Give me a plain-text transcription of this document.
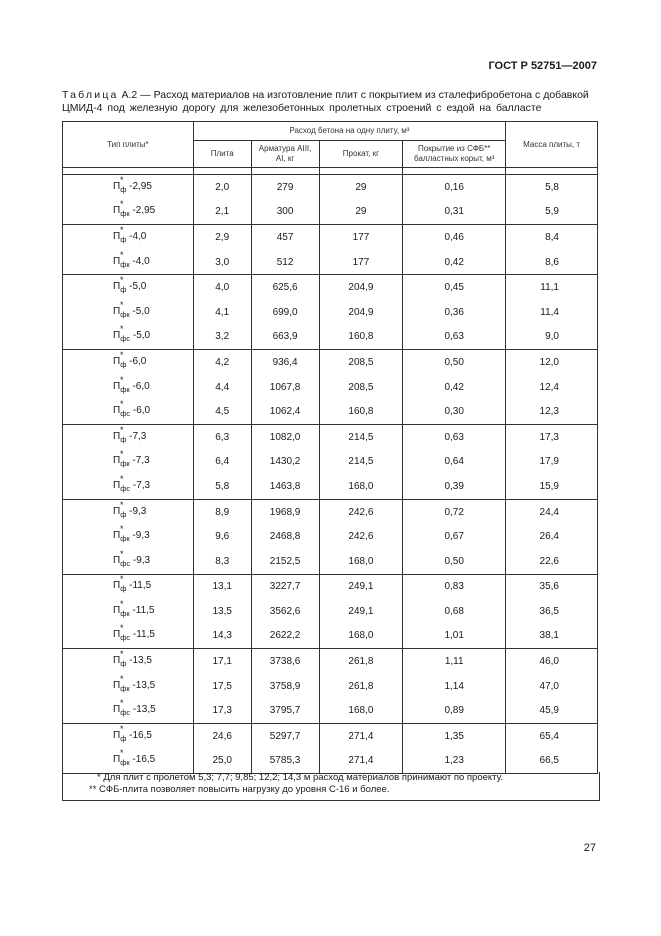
ГОСТ Р 52751—2007
Таблица А.2 — Расход материалов на изготовление плит с покрытием из сталефибробетона с добавкой
ЦМИД-4 под железную дорогу для железобетонных пролетных строений с ездой на балласте
Тип плиты*	Расход бетона на одну плиту, м³				Масса плиты, т
	Плита	Арматура AIII, AI, кг	Прокат, кг	Покрытие из СФБ** балластных корыт, м³	

П
*
$_ф$ -2,95	2,0	279	29	0,16	5,8
П
*
$_{фк}$ -2,95	2,1	300	29	0,31	5,9
П
*
$_ф$ -4,0	2,9	457	177	0,46	8,4
П
*
$_{фк}$ -4,0	3,0	512	177	0,42	8,6
П
*
$_ф$ -5,0	4,0	625,6	204,9	0,45	11,1
П
*
$_{фк}$ -5,0	4,1	699,0	204,9	0,36	11,4
П
*
$_{фс}$ -5,0	3,2	663,9	160,8	0,63	9,0
П
*
$_ф$ -6,0	4,2	936,4	208,5	0,50	12,0
П
*
$_{фк}$ -6,0	4,4	1067,8	208,5	0,42	12,4
П
*
$_{фс}$ -6,0	4,5	1062,4	160,8	0,30	12,3
П
*
$_ф$ -7,3	6,3	1082,0	214,5	0,63	17,3
П
*
$_{фк}$ -7,3	6,4	1430,2	214,5	0,64	17,9
П
*
$_{фс}$ -7,3	5,8	1463,8	168,0	0,39	15,9
П
*
$_ф$ -9,3	8,9	1968,9	242,6	0,72	24,4
П
*
$_{фк}$ -9,3	9,6	2468,8	242,6	0,67	26,4
П
*
$_{фс}$ -9,3	8,3	2152,5	168,0	0,50	22,6
П
*
$_ф$ -11,5	13,1	3227,7	249,1	0,83	35,6
П
*
$_{фк}$ -11,5	13,5	3562,6	249,1	0,68	36,5
П
*
$_{фс}$ -11,5	14,3	2622,2	168,0	1,01	38,1
П
*
$_ф$ -13,5	17,1	3738,6	261,8	1,11	46,0
П
*
$_{фк}$ -13,5	17,5	3758,9	261,8	1,14	47,0
П
*
$_{фс}$ -13,5	17,3	3795,7	168,0	0,89	45,9
П
*
$_ф$ -16,5	24,6	5297,7	271,4	1,35	65,4
П
*
$_{фк}$ -16,5	25,0	5785,3	271,4	1,23	66,5
* Для плит с пролетом 5,3; 7,7; 9,85; 12,2; 14,3 м расход материалов принимают по проекту.
** СФБ-плита позволяет повысить нагрузку до уровня С-16 и более.
27
